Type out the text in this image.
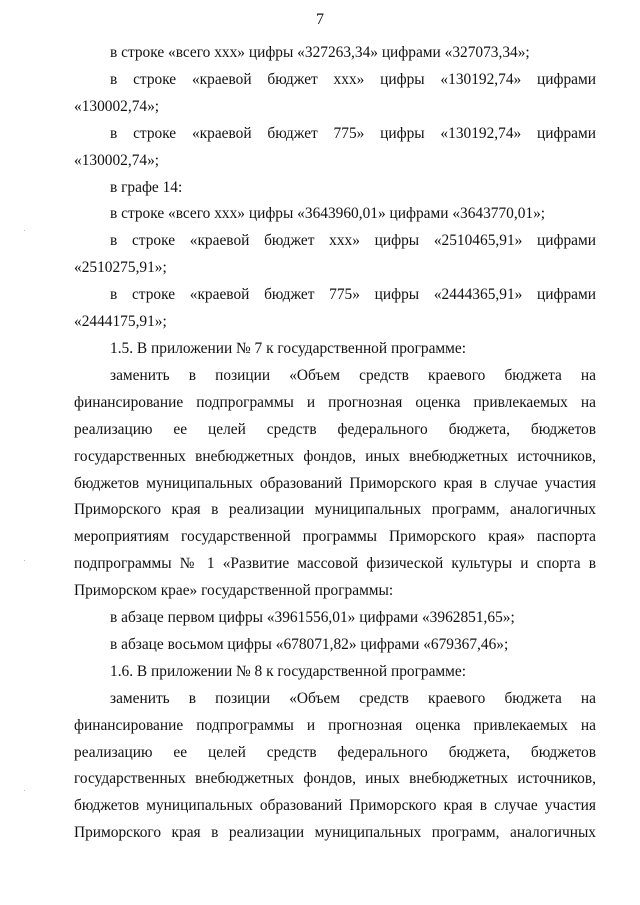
7

в строке «всего ххх» цифры «327263,34» цифрами «327073,34»;

в строке «краевой бюджет ххх» цифры «130192,74» цифрами «130002,74»;

в строке «краевой бюджет 775» цифры «130192,74» цифрами «130002,74»;

в графе 14:

в строке «всего ххх» цифры «3643960,01» цифрами «3643770,01»;

в строке «краевой бюджет ххх» цифры «2510465,91» цифрами «2510275,91»;

в строке «краевой бюджет 775» цифры «2444365,91» цифрами «2444175,91»;

1.5. В приложении № 7 к государственной программе:

заменить в позиции «Объем средств краевого бюджета на финансирование подпрограммы и прогнозная оценка привлекаемых на реализацию ее целей средств федерального бюджета, бюджетов государственных внебюджетных фондов, иных внебюджетных источников, бюджетов муниципальных образований Приморского края в случае участия Приморского края в реализации муниципальных программ, аналогичных мероприятиям государственной программы Приморского края» паспорта подпрограммы № 1 «Развитие массовой физической культуры и спорта в Приморском крае» государственной программы:

в абзаце первом цифры «3961556,01» цифрами «3962851,65»;

в абзаце восьмом цифры «678071,82» цифрами «679367,46»;

1.6. В приложении № 8 к государственной программе:

заменить в позиции «Объем средств краевого бюджета на финансирование подпрограммы и прогнозная оценка привлекаемых на реализацию ее целей средств федерального бюджета, бюджетов государственных внебюджетных фондов, иных внебюджетных источников, бюджетов муниципальных образований Приморского края в случае участия Приморского края в реализации муниципальных программ, аналогичных
